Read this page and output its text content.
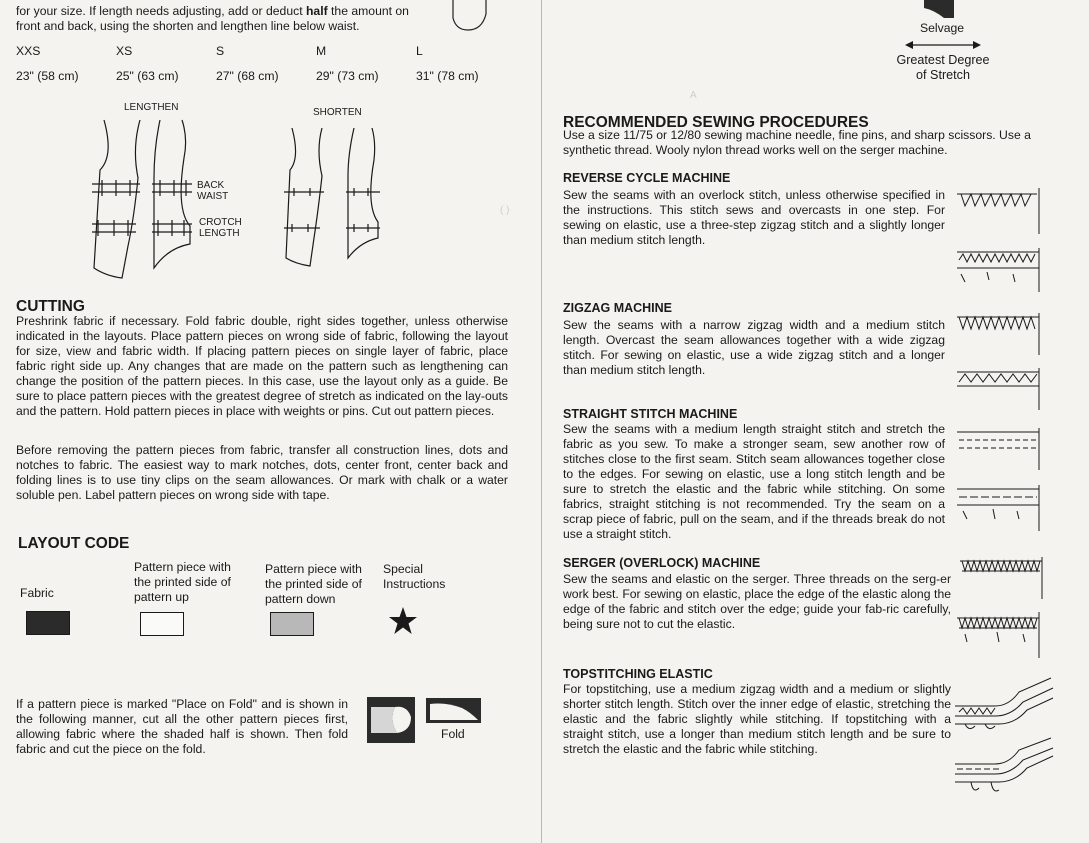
A
( )
for your size. If length needs adjusting, add or deduct half the amount on
front and back, using the shorten and lengthen line below waist.
XXS	XS	S	M	L
23" (58 cm)	25" (63 cm)	27" (68 cm)	29" (73 cm)	31" (78 cm)
LENGTHEN	SHORTEN
BACK
WAIST
CROTCH
LENGTH
CUTTING
Preshrink fabric if necessary. Fold fabric double, right sides together, unless otherwise indicated in the layouts. Place pattern pieces on wrong side of fabric, following the layout for size, view and fabric width. If placing pattern pieces on single layer of fabric, place fabric right side up. Any changes that are made on the pattern such as lengthening can change the position of the pattern pieces. In this case, use the layout only as a guide. Be sure to place pattern pieces with the greatest degree of stretch as indicated on the lay-outs and the pattern. Hold pattern pieces in place with weights or pins. Cut out pattern pieces.
Before removing the pattern pieces from fabric, transfer all construction lines, dots and notches to fabric. The easiest way to mark notches, dots, center front, center back and folding lines is to use tiny clips on the seam allowances. Or mark with chalk or a water soluble pen. Label pattern pieces on wrong side with tape.
LAYOUT CODE
Fabric
Pattern piece with the printed side of pattern up
Pattern piece with the printed side of pattern down
Special Instructions
If a pattern piece is marked "Place on Fold" and is shown in the following manner, cut all the other pattern pieces first, allowing fabric where the shaded half is shown. Then fold fabric and cut the piece on the fold.
Fold
Selvage
Greatest Degree
of Stretch
RECOMMENDED SEWING PROCEDURES
Use a size 11/75 or 12/80 sewing machine needle, fine pins, and sharp scissors. Use a synthetic thread. Wooly nylon thread works well on the serger machine.
REVERSE CYCLE MACHINE
Sew the seams with an overlock stitch, unless otherwise specified in the instructions. This stitch sews and overcasts in one step. For sewing on elastic, use a three-step zigzag stitch and a slightly longer than medium stitch length.
ZIGZAG MACHINE
Sew the seams with a narrow zigzag width and a medium stitch length. Overcast the seam allowances together with a wide zigzag stitch. For sewing on elastic, use a wide zigzag stitch and a longer than medium stitch length.
STRAIGHT STITCH MACHINE
Sew the seams with a medium length straight stitch and stretch the fabric as you sew. To make a stronger seam, sew another row of stitches close to the first seam. Stitch seam allowances together close to the edges. For sewing on elastic, use a long stitch length and be sure to stretch the elastic and the fabric while stitching. On some fabrics, straight stitching is not recommended. Try the seam on a scrap piece of fabric, pull on the seam, and if the threads break do not use a straight stitch.
SERGER (OVERLOCK) MACHINE
Sew the seams and elastic on the serger. Three threads on the serg-er work best. For sewing on elastic, place the edge of the elastic along the edge of the fabric and stitch over the edge; guide your fab-ric carefully, being sure not to cut the elastic.
TOPSTITCHING ELASTIC
For topstitching, use a medium zigzag width and a medium or slightly shorter stitch length. Stitch over the inner edge of elastic, stretching the elastic and the fabric slightly while stitching. If topstitching with a straight stitch, use a longer than medium stitch length and be sure to stretch the elastic and the fabric while stitching.
